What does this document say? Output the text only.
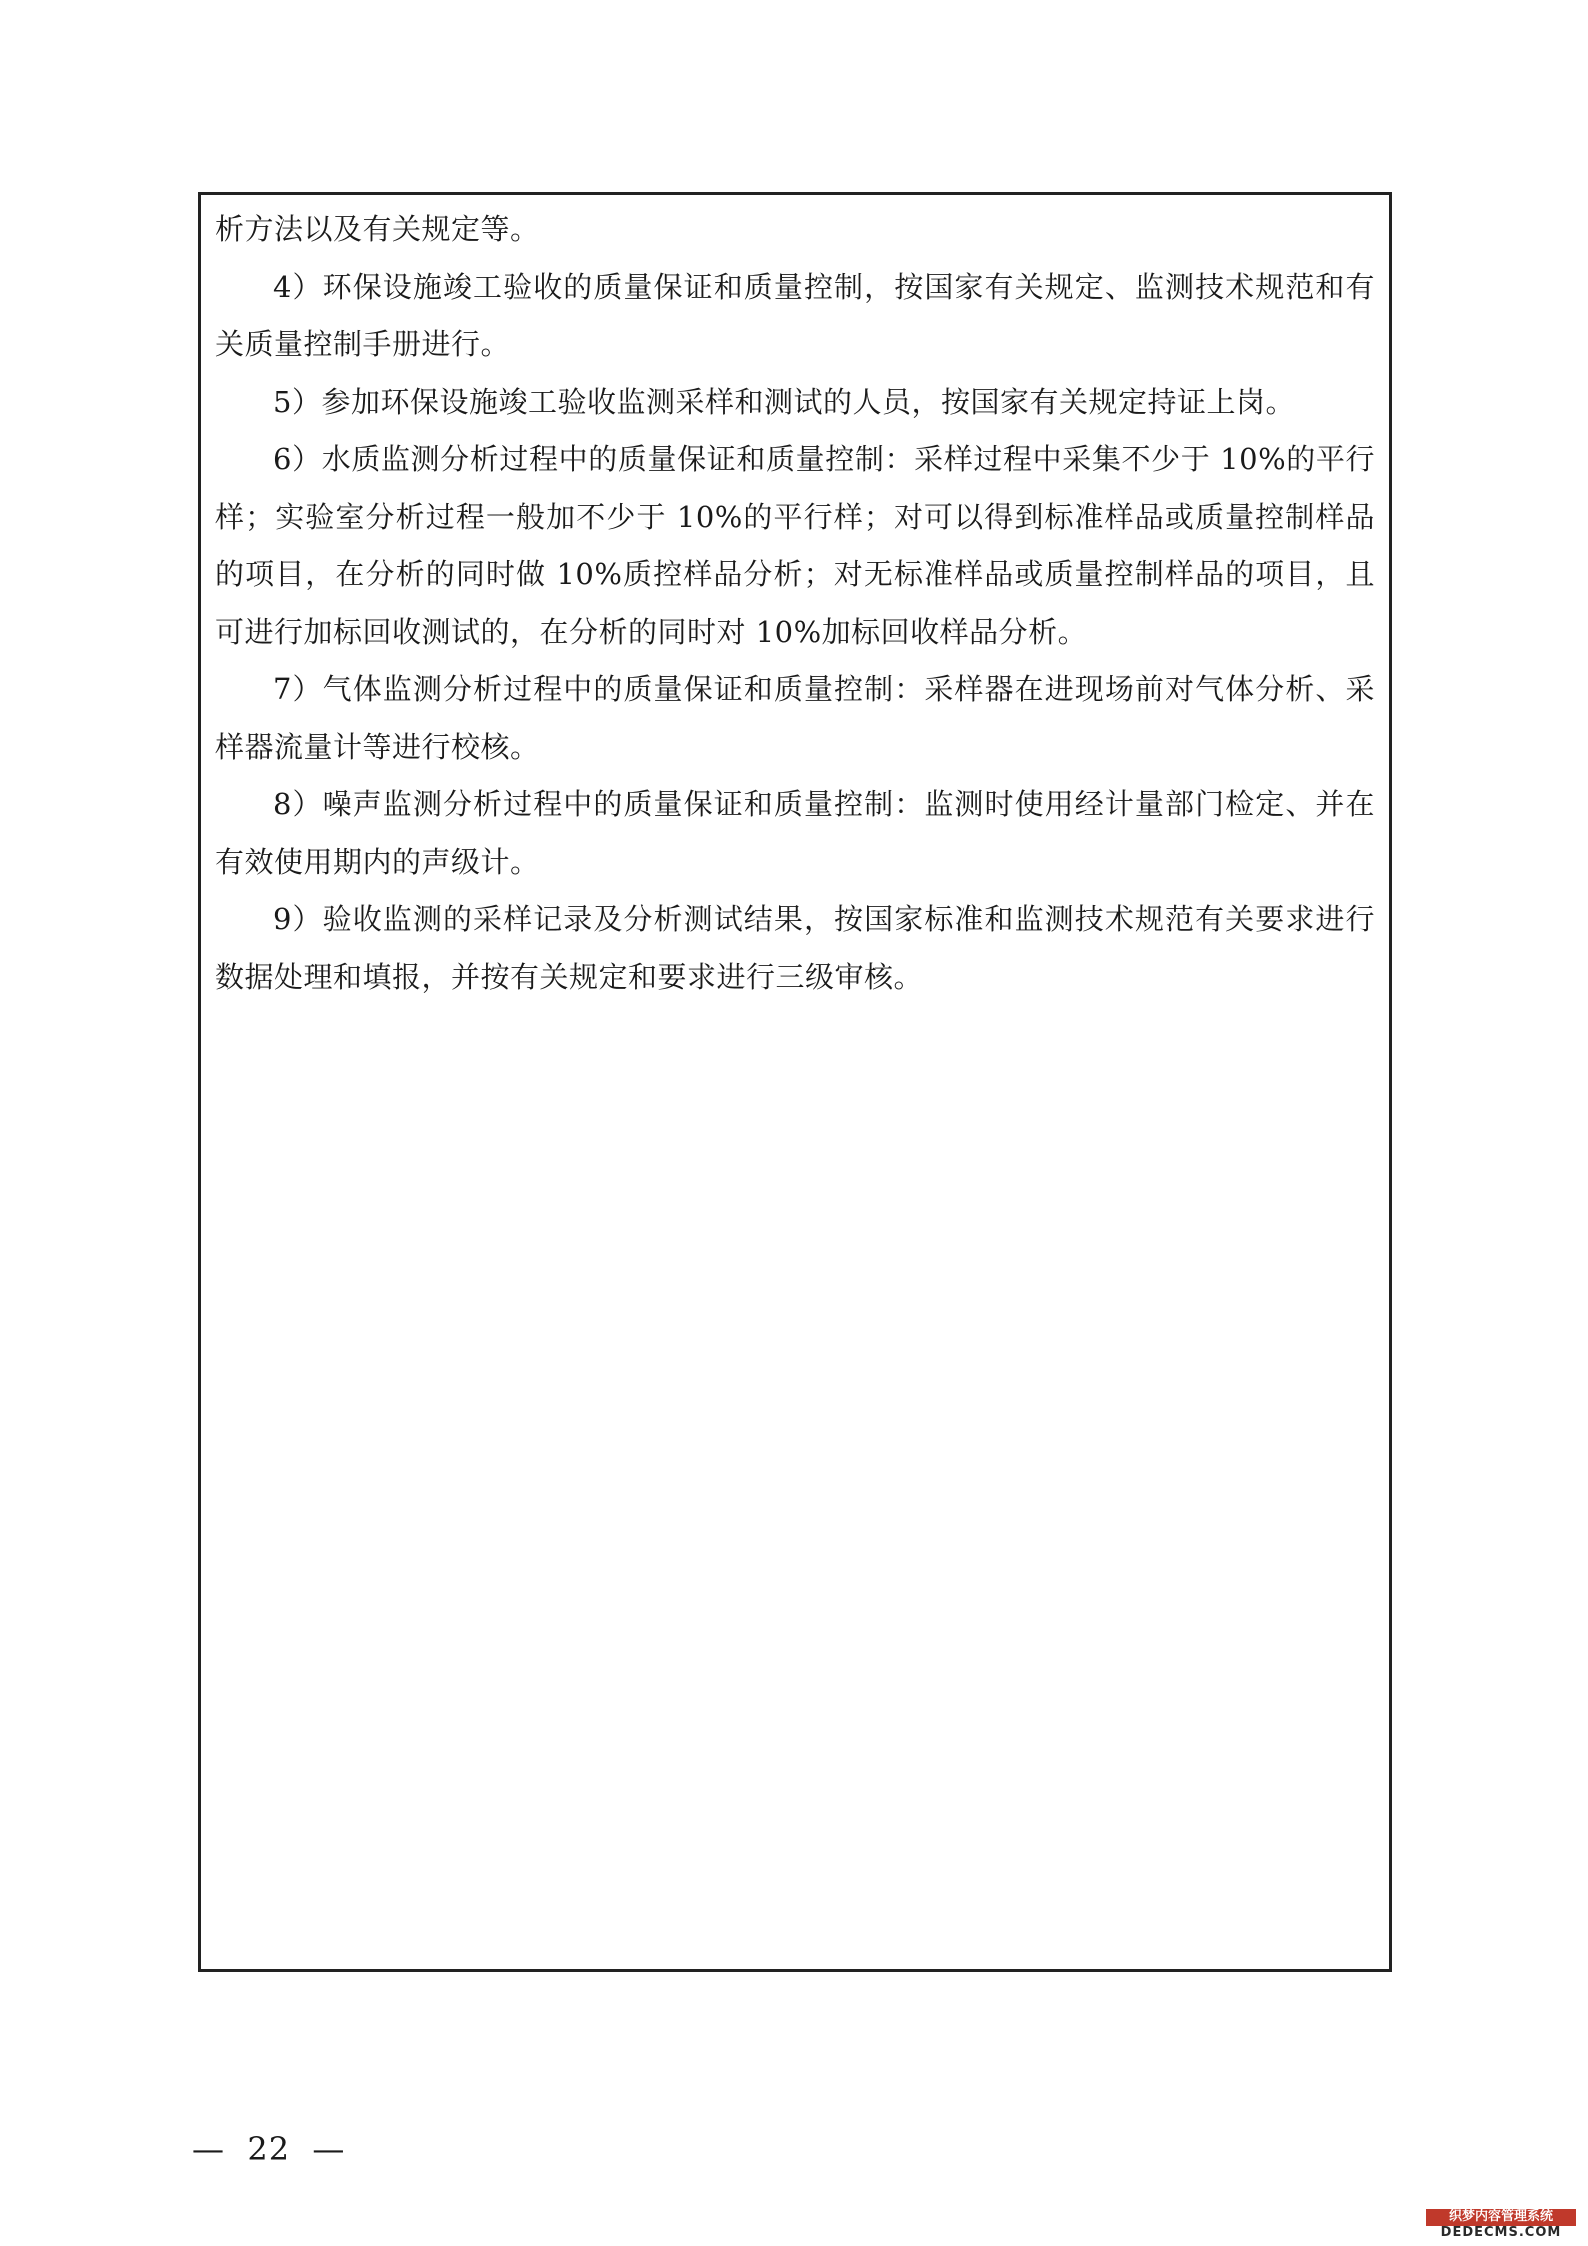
析方法以及有关规定等。

4）环保设施竣工验收的质量保证和质量控制，按国家有关规定、监测技术规范和有关质量控制手册进行。

5）参加环保设施竣工验收监测采样和测试的人员，按国家有关规定持证上岗。

6）水质监测分析过程中的质量保证和质量控制：采样过程中采集不少于 10%的平行样；实验室分析过程一般加不少于 10%的平行样；对可以得到标准样品或质量控制样品的项目，在分析的同时做 10%质控样品分析；对无标准样品或质量控制样品的项目，且可进行加标回收测试的，在分析的同时对 10%加标回收样品分析。

7）气体监测分析过程中的质量保证和质量控制：采样器在进现场前对气体分析、采样器流量计等进行校核。

8）噪声监测分析过程中的质量保证和质量控制：监测时使用经计量部门检定、并在有效使用期内的声级计。

9）验收监测的采样记录及分析测试结果，按国家标准和监测技术规范有关要求进行数据处理和填报，并按有关规定和要求进行三级审核。

—  22  —
织梦内容管理系统
DEDECMS.COM
